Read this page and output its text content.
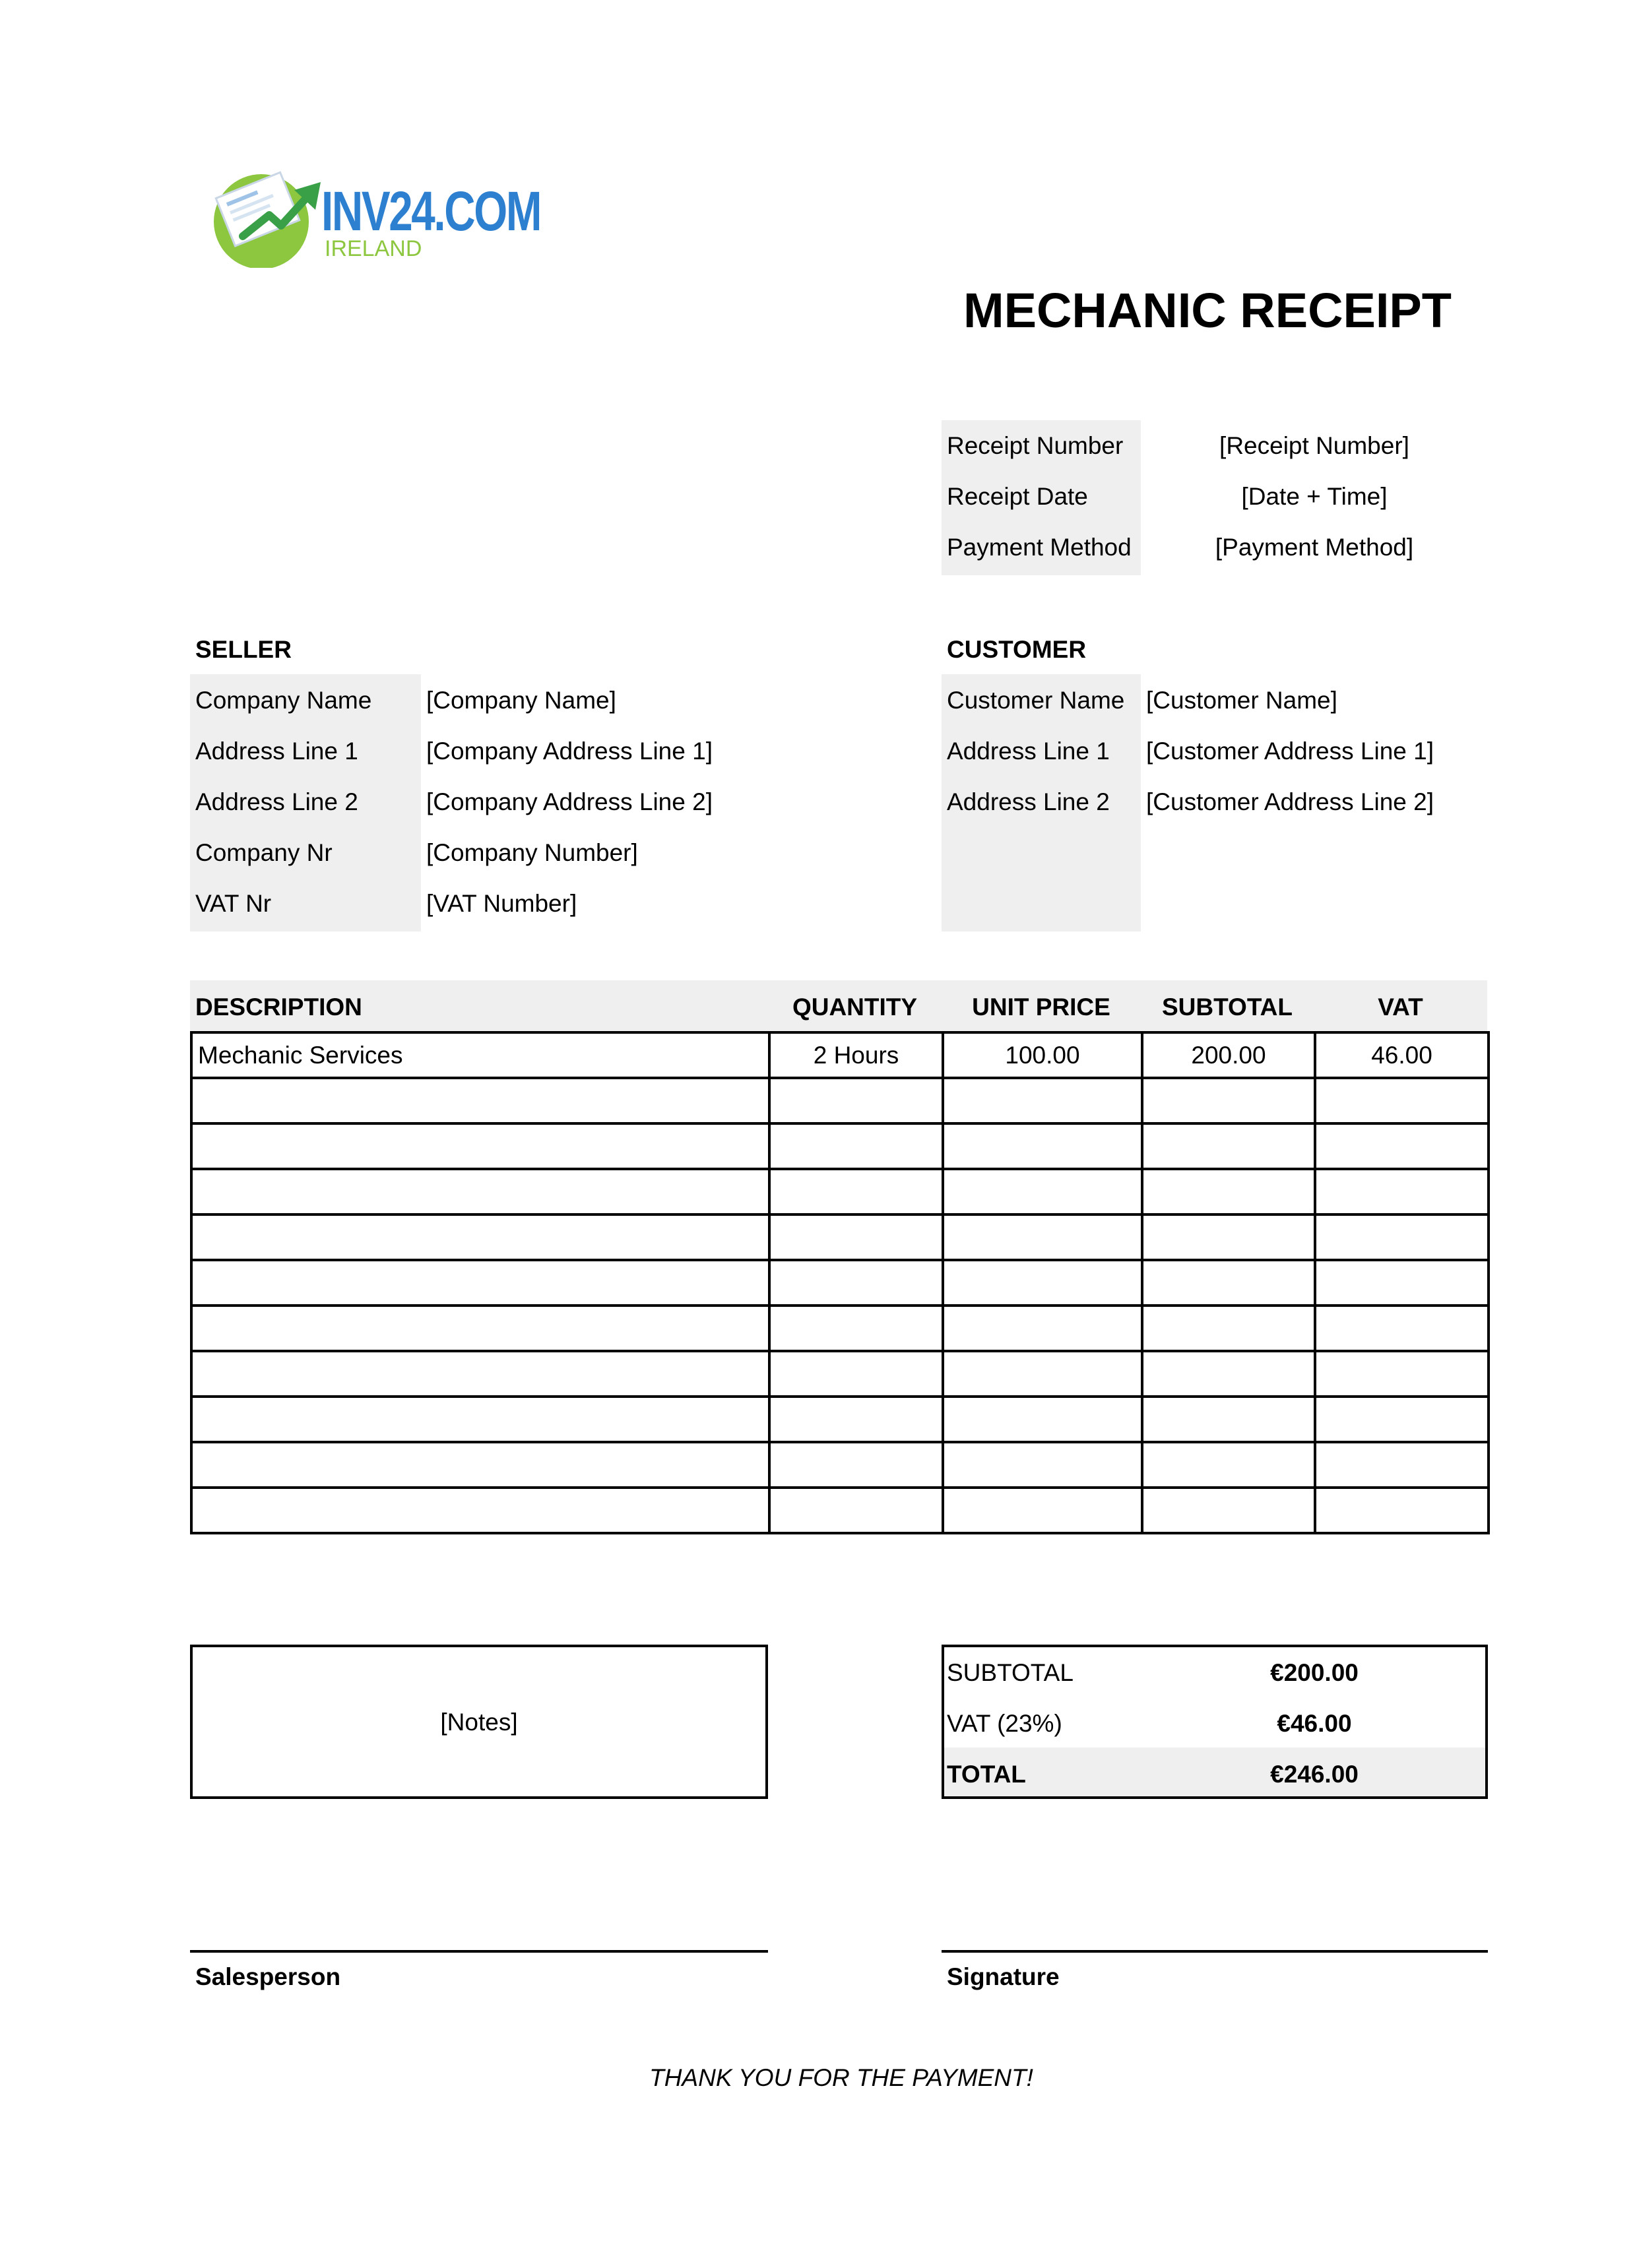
INV24.COM
IRELAND
MECHANIC RECEIPT
Receipt Number	[Receipt Number]
Receipt Date	[Date + Time]
Payment Method	[Payment Method]
SELLER
Company Name [Company Name]
Address Line 1	[Company Address Line 1]
Address Line 2	[Company Address Line 2]
Company Nr	[Company Number]
VAT Nr	[VAT Number]
CUSTOMER
Customer Name [Customer Name]
Address Line 1 [Customer Address Line 1]
Address Line 2 [Customer Address Line 2]
DESCRIPTION	QUANTITY	UNIT PRICE	SUBTOTAL	VAT
Mechanic Services	2 Hours	100.00	200.00	46.00

[Notes]
SUBTOTAL	€200.00
VAT (23%)	€46.00
TOTAL	€246.00
Salesperson	Signature
THANK YOU FOR THE PAYMENT!
